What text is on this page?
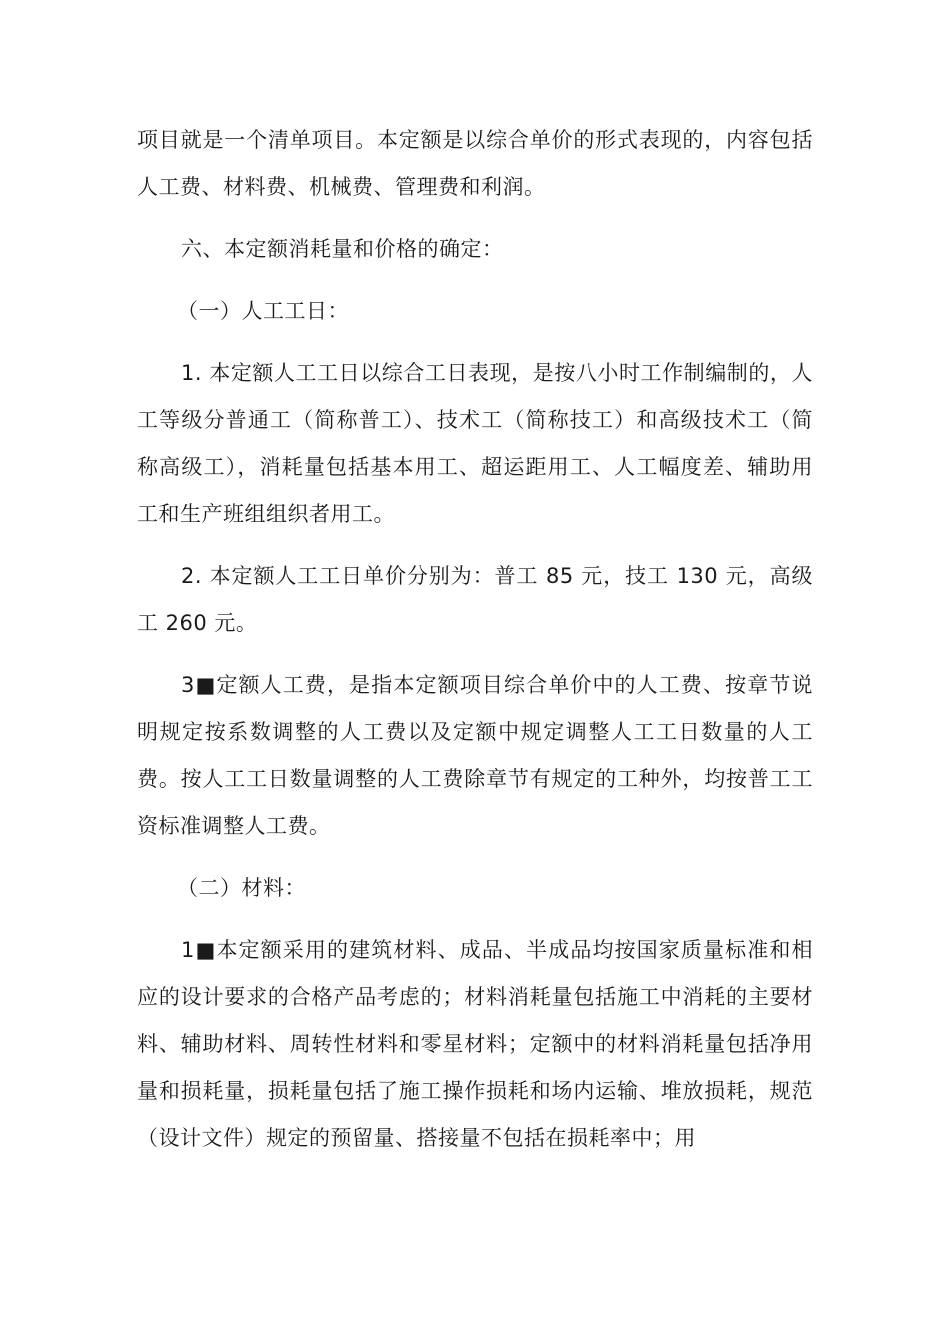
项目就是一个清单项目。本定额是以综合单价的形式表现的，内容包括人工费、材料费、机械费、管理费和利润。

六、本定额消耗量和价格的确定：

（一）人工工日：

1. 本定额人工工日以综合工日表现，是按八小时工作制编制的，人工等级分普通工（简称普工）、技术工（简称技工）和高级技术工（简称高级工），消耗量包括基本用工、超运距用工、人工幅度差、辅助用工和生产班组组织者用工。

2. 本定额人工工日单价分别为：普工 85 元，技工 130 元，高级工 260 元。

3■定额人工费，是指本定额项目综合单价中的人工费、按章节说明规定按系数调整的人工费以及定额中规定调整人工工日数量的人工费。按人工工日数量调整的人工费除章节有规定的工种外，均按普工工资标准调整人工费。

（二）材料：

1■本定额采用的建筑材料、成品、半成品均按国家质量标准和相应的设计要求的合格产品考虑的；材料消耗量包括施工中消耗的主要材料、辅助材料、周转性材料和零星材料；定额中的材料消耗量包括净用量和损耗量，损耗量包括了施工操作损耗和场内运输、堆放损耗，规范（设计文件）规定的预留量、搭接量不包括在损耗率中；用
